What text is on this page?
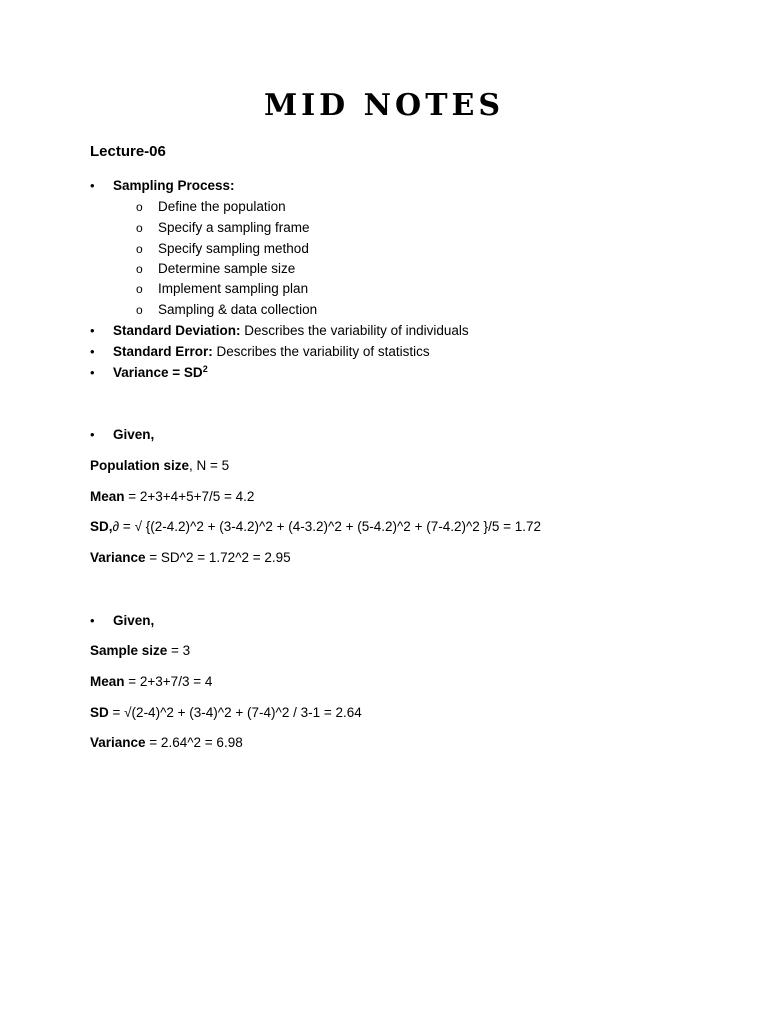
MID NOTES
Lecture-06
• Sampling Process:
o Define the population
o Specify a sampling frame
o Specify sampling method
o Determine sample size
o Implement sampling plan
o Sampling & data collection
• Standard Deviation: Describes the variability of individuals
• Standard Error: Describes the variability of statistics
• Variance = $SD^2$
• Given,
Population size, N = 5
Mean = 2+3+4+5+7/5 = 4.2
SD,∂ = √ {(2-4.2)^2 + (3-4.2)^2 + (4-3.2)^2 + (5-4.2)^2 + (7-4.2)^2 }/5 = 1.72
Variance = SD^2 = 1.72^2 = 2.95
• Given,
Sample size = 3
Mean = 2+3+7/3 = 4
SD = √(2-4)^2 + (3-4)^2 + (7-4)^2 / 3-1 = 2.64
Variance = 2.64^2 = 6.98
